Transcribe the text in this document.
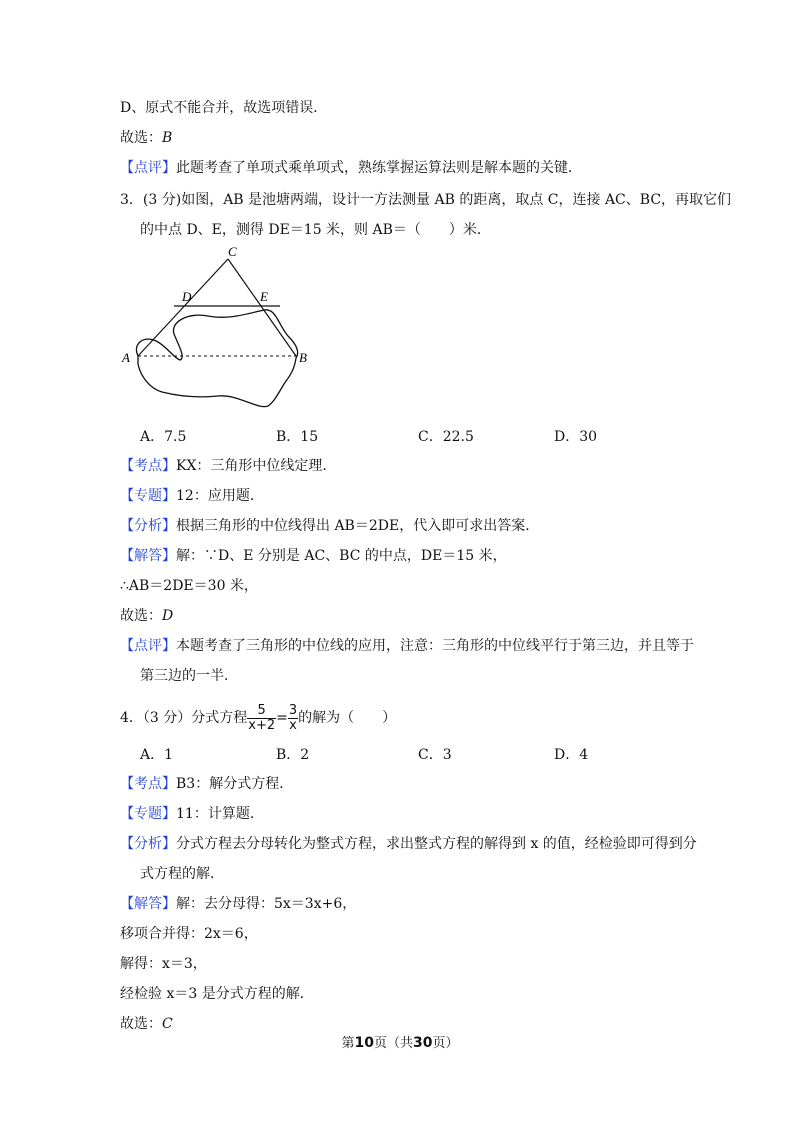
D、原式不能合并，故选项错误．
故选：B
【点评】此题考查了单项式乘单项式，熟练掌握运算法则是解本题的关键．
3．(3 分)如图，AB 是池塘两端，设计一方法测量 AB 的距离，取点 C，连接 AC、BC，再取它们
的中点 D、E，测得 DE＝15 米，则 AB＝（　　）米．
C
D	E
A	B
A．7.5	B．15	C．22.5	D．30
【考点】KX：三角形中位线定理．
【专题】12：应用题．
【分析】根据三角形的中位线得出 AB＝2DE，代入即可求出答案．
【解答】解：∵D、E 分别是 AC、BC 的中点，DE＝15 米，
∴AB＝2DE＝30 米，
故选：D
【点评】本题考查了三角形的中位线的应用，注意：三角形的中位线平行于第三边，并且等于
第三边的一半．
4．（3 分）分式方程 $\frac{5}{x+2} = \frac{3}{x}$ 的解为（　　）
A．1	B．2	C．3	D．4
【考点】B3：解分式方程．
【专题】11：计算题．
【分析】分式方程去分母转化为整式方程，求出整式方程的解得到 x 的值，经检验即可得到分
式方程的解．
【解答】解：去分母得：5x＝3x+6，
移项合并得：2x＝6，
解得：x＝3，
经检验 x＝3 是分式方程的解．
故选：C
第10页（共30页）
